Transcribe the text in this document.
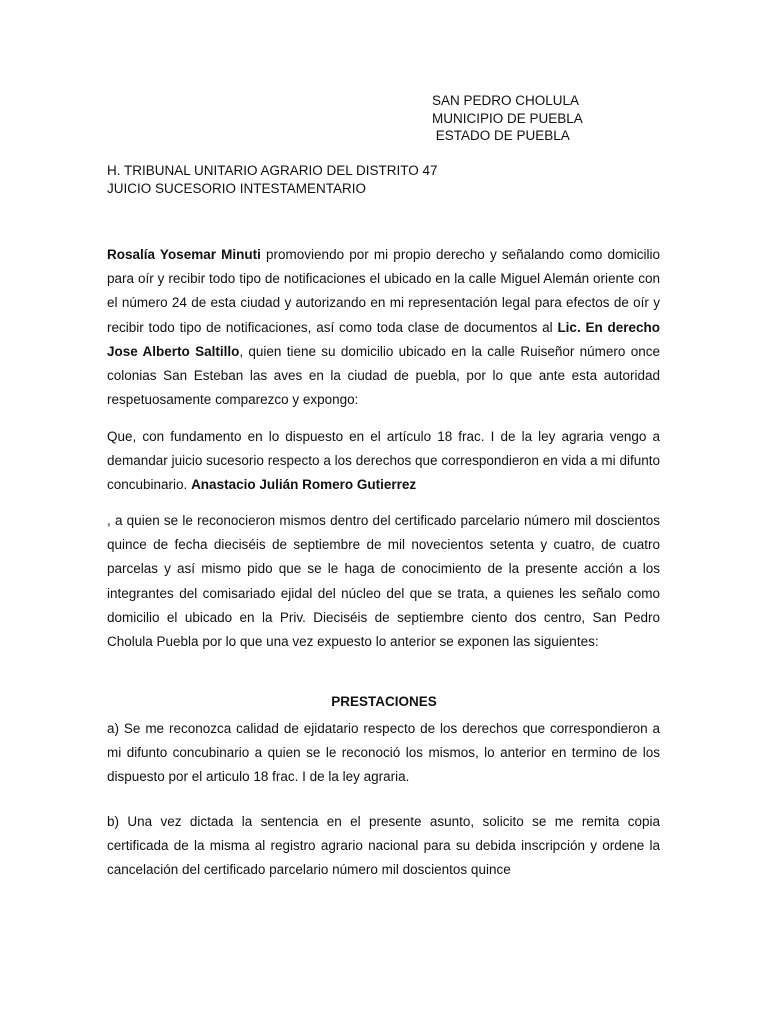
SAN PEDRO CHOLULA
MUNICIPIO DE PUEBLA
ESTADO DE PUEBLA
H. TRIBUNAL UNITARIO AGRARIO DEL DISTRITO 47
JUICIO SUCESORIO INTESTAMENTARIO
Rosalía Yosemar Minuti promoviendo por mi propio derecho y señalando como domicilio para oír y recibir todo tipo de notificaciones el ubicado en la calle Miguel Alemán oriente con el número 24 de esta ciudad y autorizando en mi representación legal para efectos de oír y recibir todo tipo de notificaciones, así como toda clase de documentos al Lic. En derecho Jose Alberto Saltillo, quien tiene su domicilio ubicado en la calle Ruiseñor número once colonias San Esteban las aves en la ciudad de puebla, por lo que ante esta autoridad respetuosamente comparezco y expongo:
Que, con fundamento en lo dispuesto en el artículo 18 frac. I de la ley agraria vengo a demandar juicio sucesorio respecto a los derechos que correspondieron en vida a mi difunto concubinario. Anastacio Julián Romero Gutierrez
, a quien se le reconocieron mismos dentro del certificado parcelario número mil doscientos quince de fecha dieciséis de septiembre de mil novecientos setenta y cuatro, de cuatro parcelas y así mismo pido que se le haga de conocimiento de la presente acción a los integrantes del comisariado ejidal del núcleo del que se trata, a quienes les señalo como domicilio el ubicado en la Priv. Dieciséis de septiembre ciento dos centro, San Pedro Cholula Puebla por lo que una vez expuesto lo anterior se exponen las siguientes:
PRESTACIONES
a) Se me reconozca calidad de ejidatario respecto de los derechos que correspondieron a mi difunto concubinario a quien se le reconoció los mismos, lo anterior en termino de los dispuesto por el articulo 18 frac. I de la ley agraria.
b) Una vez dictada la sentencia en el presente asunto, solicito se me remita copia certificada de la misma al registro agrario nacional para su debida inscripción y ordene la cancelación del certificado parcelario número mil doscientos quince
